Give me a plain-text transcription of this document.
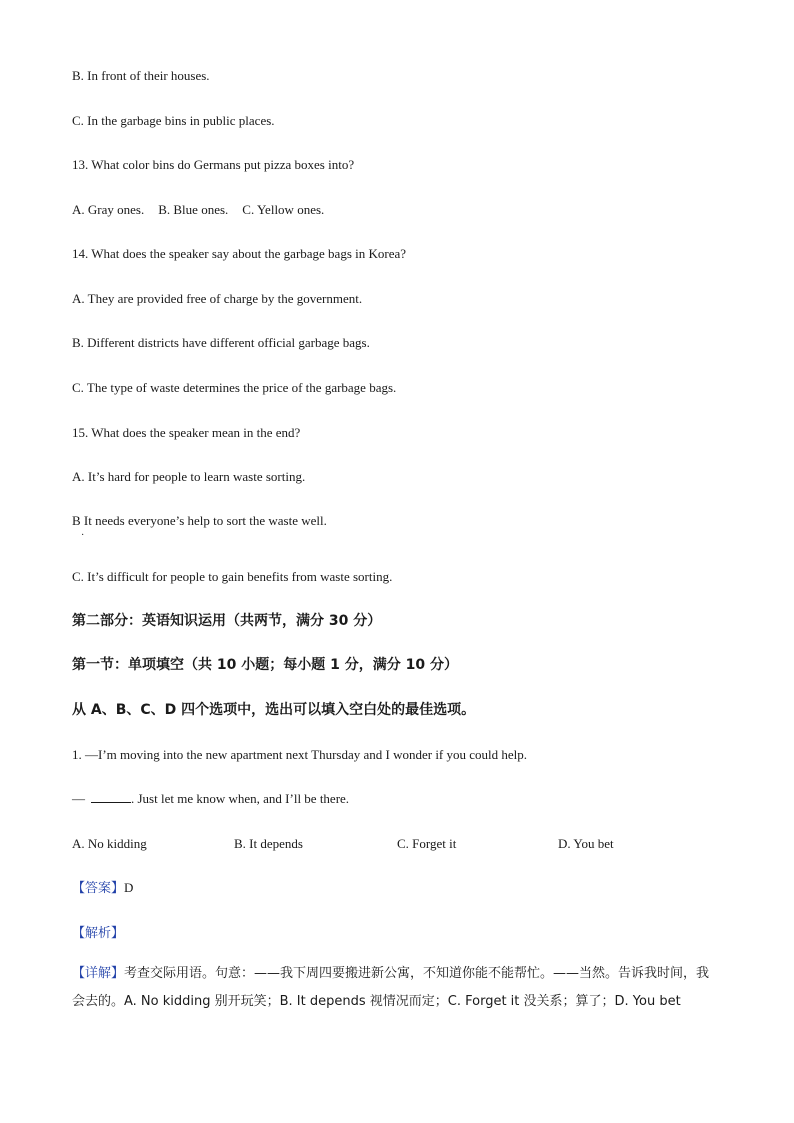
B. In front of their houses.
C. In the garbage bins in public places.
13. What color bins do Germans put pizza boxes into?
A. Gray ones. B. Blue ones. C. Yellow ones.
14. What does the speaker say about the garbage bags in Korea?
A. They are provided free of charge by the government.
B. Different districts have different official garbage bags.
C. The type of waste determines the price of the garbage bags.
15. What does the speaker mean in the end?
A. It’s hard for people to learn waste sorting.
B It needs everyone’s help to sort the waste well.
·
C. It’s difficult for people to gain benefits from waste sorting.
第二部分：英语知识运用（共两节，满分 30 分）
第一节：单项填空（共 10 小题；每小题 1 分，满分 10 分）
从 A、B、C、D 四个选项中，选出可以填入空白处的最佳选项。
1. —I’m moving into the new apartment next Thursday and I wonder if you could help.
—	. Just let me know when, and I’ll be there.
A. No kidding	B. It depends	C. Forget it	D. You bet
【答案】D
【解析】
【详解】考查交际用语。句意：——我下周四要搬进新公寓，不知道你能不能帮忙。——当然。告诉我时间，我会去的。A. No kidding 别开玩笑；B. It depends 视情况而定；C. Forget it 没关系；算了；D. You bet
